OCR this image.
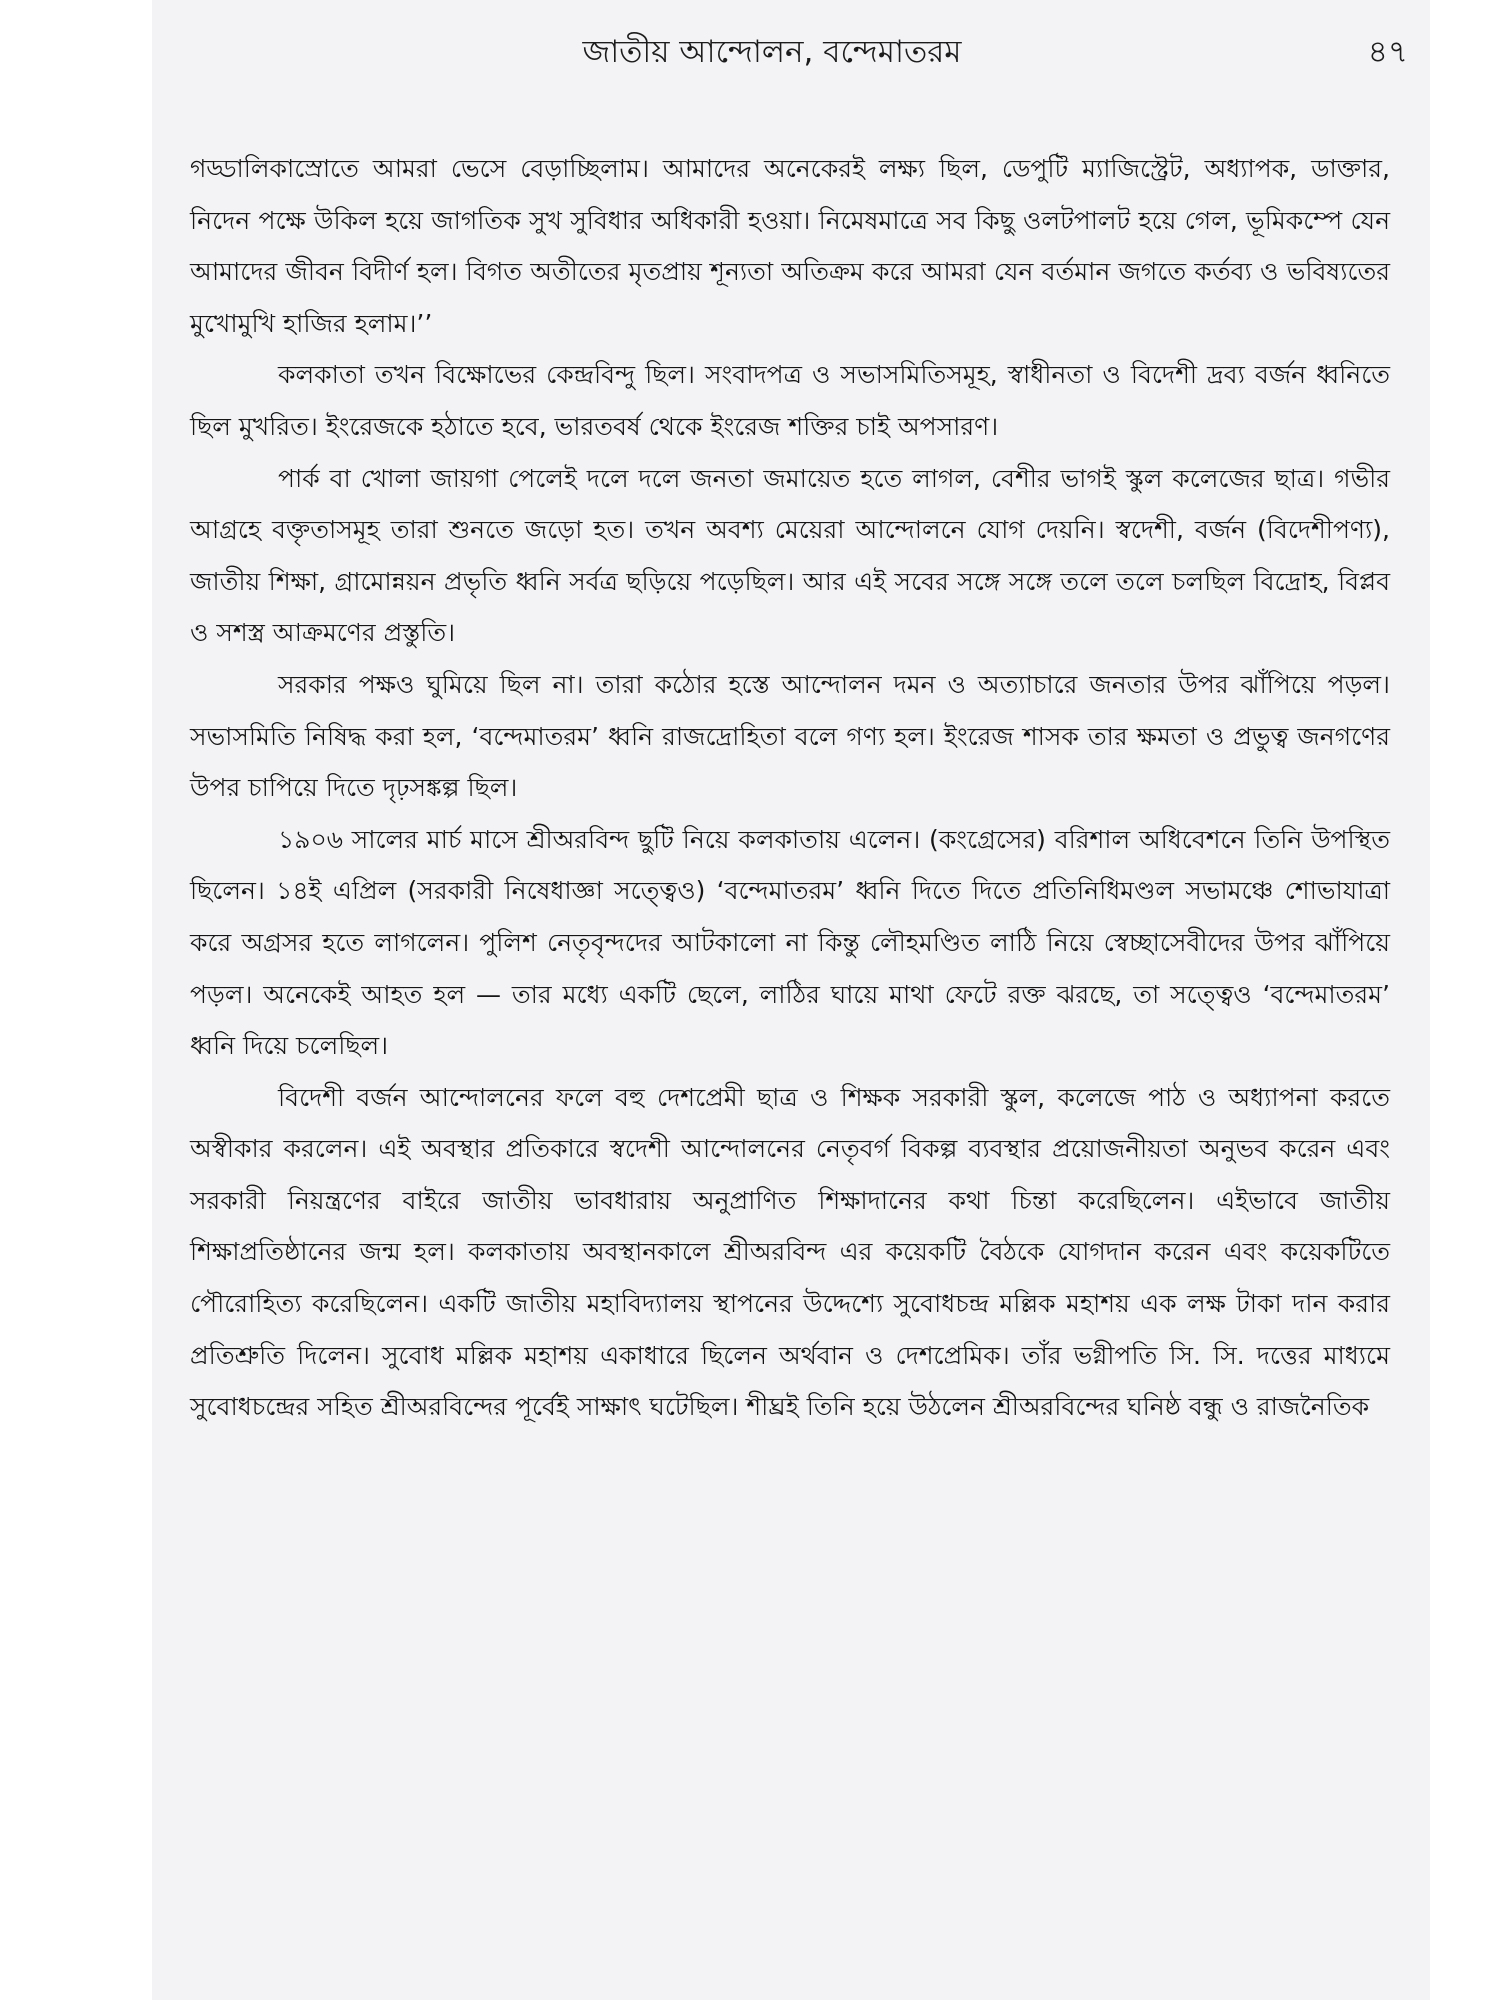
জাতীয় আন্দোলন, বন্দেমাতরম	৪৭

গড্ডালিকাস্রোতে আমরা ভেসে বেড়াচ্ছিলাম। আমাদের অনেকেরই লক্ষ্য ছিল, ডেপুটি ম্যাজিস্ট্রেট, অধ্যাপক, ডাক্তার, নিদেন পক্ষে উকিল হয়ে জাগতিক সুখ সুবিধার অধিকারী হওয়া। নিমেষমাত্রে সব কিছু ওলটপালট হয়ে গেল, ভূমিকম্পে যেন আমাদের জীবন বিদীর্ণ হল। বিগত অতীতের মৃতপ্রায় শূন্যতা অতিক্রম করে আমরা যেন বর্তমান জগতে কর্তব্য ও ভবিষ্যতের মুখোমুখি হাজির হলাম।’’

কলকাতা তখন বিক্ষোভের কেন্দ্রবিন্দু ছিল। সংবাদপত্র ও সভাসমিতিসমূহ, স্বাধীনতা ও বিদেশী দ্রব্য বর্জন ধ্বনিতে ছিল মুখরিত। ইংরেজকে হঠাতে হবে, ভারতবর্ষ থেকে ইংরেজ শক্তির চাই অপসারণ।

পার্ক বা খোলা জায়গা পেলেই দলে দলে জনতা জমায়েত হতে লাগল, বেশীর ভাগই স্কুল কলেজের ছাত্র। গভীর আগ্রহে বক্তৃতাসমূহ তারা শুনতে জড়ো হত। তখন অবশ্য মেয়েরা আন্দোলনে যোগ দেয়নি। স্বদেশী, বর্জন (বিদেশীপণ্য), জাতীয় শিক্ষা, গ্রামোন্নয়ন প্রভৃতি ধ্বনি সর্বত্র ছড়িয়ে পড়েছিল। আর এই সবের সঙ্গে সঙ্গে তলে তলে চলছিল বিদ্রোহ, বিপ্লব ও সশস্ত্র আক্রমণের প্রস্তুতি।

সরকার পক্ষও ঘুমিয়ে ছিল না। তারা কঠোর হস্তে আন্দোলন দমন ও অত্যাচারে জনতার উপর ঝাঁপিয়ে পড়ল। সভাসমিতি নিষিদ্ধ করা হল, ‘বন্দেমাতরম’ ধ্বনি রাজদ্রোহিতা বলে গণ্য হল। ইংরেজ শাসক তার ক্ষমতা ও প্রভুত্ব জনগণের উপর চাপিয়ে দিতে দৃঢ়সঙ্কল্প ছিল।

১৯০৬ সালের মার্চ মাসে শ্রীঅরবিন্দ ছুটি নিয়ে কলকাতায় এলেন। (কংগ্রেসের) বরিশাল অধিবেশনে তিনি উপস্থিত ছিলেন। ১৪ই এপ্রিল (সরকারী নিষেধাজ্ঞা সত্ত্বেও) ‘বন্দেমাতরম’ ধ্বনি দিতে দিতে প্রতিনিধিমণ্ডল সভামঞ্চে শোভাযাত্রা করে অগ্রসর হতে লাগলেন। পুলিশ নেতৃবৃন্দদের আটকালো না কিন্তু লৌহমণ্ডিত লাঠি নিয়ে স্বেচ্ছাসেবীদের উপর ঝাঁপিয়ে পড়ল। অনেকেই আহত হল — তার মধ্যে একটি ছেলে, লাঠির ঘায়ে মাথা ফেটে রক্ত ঝরছে, তা সত্ত্বেও ‘বন্দেমাতরম’ ধ্বনি দিয়ে চলেছিল।

বিদেশী বর্জন আন্দোলনের ফলে বহু দেশপ্রেমী ছাত্র ও শিক্ষক সরকারী স্কুল, কলেজে পাঠ ও অধ্যাপনা করতে অস্বীকার করলেন। এই অবস্থার প্রতিকারে স্বদেশী আন্দোলনের নেতৃবর্গ বিকল্প ব্যবস্থার প্রয়োজনীয়তা অনুভব করেন এবং সরকারী নিয়ন্ত্রণের বাইরে জাতীয় ভাবধারায় অনুপ্রাণিত শিক্ষাদানের কথা চিন্তা করেছিলেন। এইভাবে জাতীয় শিক্ষাপ্রতিষ্ঠানের জন্ম হল। কলকাতায় অবস্থানকালে শ্রীঅরবিন্দ এর কয়েকটি বৈঠকে যোগদান করেন এবং কয়েকটিতে পৌরোহিত্য করেছিলেন। একটি জাতীয় মহাবিদ্যালয় স্থাপনের উদ্দেশ্যে সুবোধচন্দ্র মল্লিক মহাশয় এক লক্ষ টাকা দান করার প্রতিশ্রুতি দিলেন। সুবোধ মল্লিক মহাশয় একাধারে ছিলেন অর্থবান ও দেশপ্রেমিক। তাঁর ভগ্নীপতি সি. সি. দত্তের মাধ্যমে সুবোধচন্দ্রের সহিত শ্রীঅরবিন্দের পূর্বেই সাক্ষাৎ ঘটেছিল। শীঘ্রই তিনি হয়ে উঠলেন শ্রীঅরবিন্দের ঘনিষ্ঠ বন্ধু ও রাজনৈতিক
